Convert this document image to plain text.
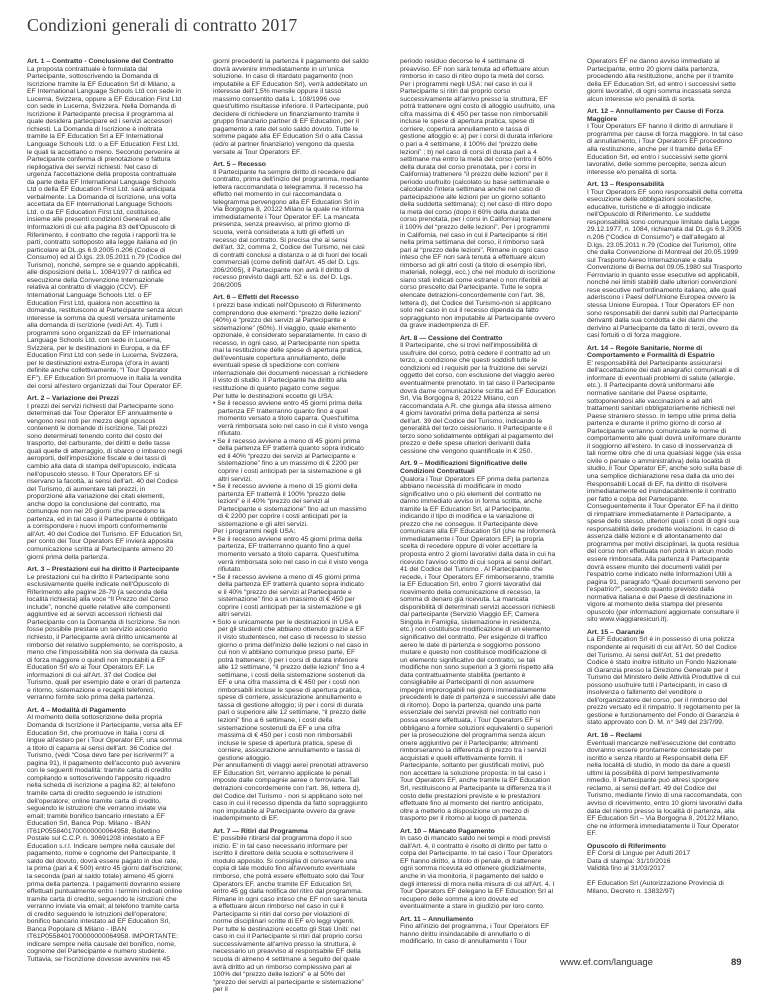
Condizioni generali di contratto 2017
Art. 1 – Contratto - Conclusione del Contratto

La proposta contrattuale è formulata dal Partecipante, sottoscrivendo la Domanda di Iscrizione tramite la EF Education Srl di Milano, a EF International Language Schools Ltd con sede in Lucerna, Svizzera, oppure a EF Education First Ltd con sede in Lucerna, Svizzera. Nella Domanda di Iscrizione il Partecipante precisa il programma al quale desidera partecipare ed i servizi accessori richiesti. La Domanda di Iscrizione è inoltrata tramite la EF Education Srl a EF International Language Schools Ltd. o a EF Education First Ltd, le quali la accettano o meno. Secondo pervenire al Partecipante conferma di prenotazione o fattura riepilogativa dei servizi richiesti. Nel caso di urgenza l'accettazione della proposta contrattuale da parte della EF International Language Schools Ltd o della EF Education First Ltd. sarà anticipata verbalmente. La Domanda di Iscrizione, una volta accettata da EF International Language Schools Ltd. o da EF Education First Ltd, costituisce, insieme alle presenti condizioni Generali ed alle Informazioni di cui alla pagina 83 dell'Opuscolo di Riferimento, il contratto che regola i rapporti tra le parti, contratto sottoposto alla legge italiana ed (in particolare al DL.gs 6.9.2005 n.206 (Codice di Consumo) ed al D.lgs. 23.05.2011 n.79 (Codice del Turismo), nonché, sempre se e quando applicabili, alle disposizioni della L. 1084/1977 di ratifica ed esecuzione della Convenzione Internazionale relativa al contratto di viaggio (CCV). EF International Language Schools Ltd. o EF Education First Ltd, qualora non accettino la domanda, restituiscono al Partecipante senza alcun interesse la somma da questi versata unitamente alla domanda di iscrizione (vedi Art. 4). Tutti i programmi sono organizzati da EF International Language Schools Ltd. con sede in Lucerna, Svizzera, per le destinazioni in Europa, e da EF Education First Ltd con sede in Lucerna, Svizzera, per le destinazioni extra-Europa (d'ora in avanti definite anche collettivamente, “I Tour Operator EF”). EF Education Srl promuove in Italia la vendita dei corsi all'estero organizzati dai Tour Operator EF.

Art. 2 – Variazione dei Prezzi

I prezzi dei servizi richiesti dal Partecipante sono determinati dai Tour Operator EF annualmente e vengono resi noti per mezzo degli opuscoli contenenti le domande di iscrizione. Tali prezzi sono determinati tenendo conto del costo del trasporto, del carburante, dei diritti e delle tasse quali quelle di atterraggio, di sbarco o imbarco negli aeroporti, dell'imposizione fiscale e dei tassi di cambio alla data di stampa dell'opuscolo, indicata nell'opuscolo stesso. Il Tour Operators EF si riservano la facoltà, ai sensi dell'art. 40 del Codice del Turismo, di aumentare tali prezzi, in proporzione alla variazione dei citati elementi, anche dopo la conclusione del contratto, ma comunque non nei 20 giorni che precedono la partenza, ed in tal caso il Partecipante è obbligato a corrispondere i nuovi importi conformemente all'Art. 40 del Codice del Turismo. EF Education Srl, per conto dei Tour Operators EF invierà apposita comunicazione scritta al Partecipante almeno 20 giorni prima della partenza.

Art. 3 – Prestazioni cui ha diritto il Partecipante

Le prestazioni cui ha diritto il Partecipante sono esclusivamente quelle indicate nell'Opuscolo di Riferimento alle pagine 28-79 (a seconda della località richiesta) alla voce “Il Prezzo del Corso include”, nonché quelle relative alle componenti aggiuntive ed ai servizi accessori richiesti dal Partecipante con la Domanda di Iscrizione. Se non fosse possibile prestare un servizio accessorio richiesto, il Partecipante avrà diritto unicamente al rimborso del relativo supplemento, se corrisposto, a meno che l'impossibilità non sia derivata da causa di forza maggiore o quindi non imputabili a EF Education Srl e/o ai Tour Operators EF. Le informazioni di cui all'Art. 37 del Codice del Turismo, quali per esempio date e orari di partenza e ritorno, sistemazione e recapiti telefonici, verranno fornite solo prima della partenza.

Art. 4 – Modalità di Pagamento

Al momento della sottoscrizione della propria Domanda di Iscrizione il Partecipante, versa alla EF Education Srl, che promuove in Italia i corsi di lingue all'estero per i Tour Operator EF, una somma a titolo di caparra ai sensi dell'art. 36 Codice del Turismo, (vedi “Cosa devo fare per iscrivermi?” a pagina 91), Il pagamento dell'acconto può avvenire con le seguenti modalità: tramite carta di credito compilando e sottoscrivendo l'apposito riquadro nella scheda di iscrizione a pagina 82; al telefono tramite carta di credito seguendo le istruzioni dell'operatore; online tramite carta di credito, seguendo le istruzioni che verranno inviate via email; tramite bonifico bancario intestato a EF Education Srl, Banca Pop. Milano - IBAN IT61P0558401700000000064958; Bollettino Postale sul C.C.P. n. 30691208 intestato a EF Education s.r.l. Indicare sempre nella causale del pagamento, nome e cognome del Partecipante. Il saldo del dovuto, dovrà essere pagato in due rate, la prima (pari a € 500) entro 45 giorni dall'iscrizione; la seconda (pari al saldo totale) almeno 45 giorni prima della partenza. I pagamenti dovranno essere effettuati puntualmente entro i termini indicati online tramite carta di credito, seguendo le istruzioni che verranno inviate via email; al telefono tramite carta di credito seguendo le istruzioni dell'operatore; bonifico bancario intestato ad EF Education Srl, Banca Popolare di Milano - IBAN IT61P0558401700000000064958. IMPORTANTE: indicare sempre nella causale del bonifico, nome, cognome del Partecipante e numero studente. Tuttavia, se l'iscrizione dovesse avvenire nei 45

giorni precedenti la partenza il pagamento del saldo dovrà avvenire immediatamente in un'unica soluzione. In caso di ritardato pagamento (non imputabile a EF Education Srl), verrà addebitato un interesse dell'1,5% mensile oppure il tasso massimo consentito dalla L. 108/1996 ove quest'ultimo risultasse inferiore. Il Partecipante, può decidere di richiedere un finanziamento tramite il gruppo finanziario partner di EF Education, per il pagamento a rate del solo saldo dovuto. Tutte le somme pagate alla EF Education Srl o alla Cassa (ed/o al partner finanziario) vengono da questa versate ai Tour Operators EF.

Art. 5 – Recesso

Il Partecipante ha sempre diritto di recedere dal contratto, prima dell'inizio del programma, mediante lettera raccomandata o telegramma. Il recesso ha effetto nel momento in cui raccomandata o telegramma pervengono alla EF Education Srl in Via Borgogna 8, 20122 Milano la quale ne informa immediatamente i Tour Operator EF. La mancata presenza, senza preavviso, al primo giorno di scuola, verrà considerata a tutti gli effetti un recesso dal contratto. Si precisa che ai sensi dell'art. 32, comma 2, Codice del Turismo, nei casi di contratti conclusi a distanza o al di fuori dei locali commerciali (come definiti dall'Art. 45 del D. Lgs. 206/2005), il Partecipante non avrà il diritto di recesso previsto dagli artt. 52 e ss. del D. Lgs. 206/2005

Art. 6 – Effetti del Recesso

I prezzi base indicati nell'Opuscolo di Riferimento comprendono due elementi: “prezzo delle lezioni” (40%) e “prezzo dei servizi al Partecipante e sistemazione” (60%). Il viaggio, quale elemento opzionale, è considerato separatamente. In caso di recesso, in ogni caso, al Partecipante non spetta mai la restituzione delle spese di apertura pratica, dell'eventuale copertura annullamento, delle eventuali spese di spedizione con corriere internazionale dei documenti necessari a richiedere il visto di studio. Il Partecipante ha diritto alla restituzione di quanto pagato come segue.

Per tutte le destinazioni eccetto gli USA:

• Se il recesso avviene entro 45 giorni prima della partenza EF tratterranno quanto fino a quel momento versato a titolo caparra. Quest'ultima verrà rimborsata solo nel caso in cui il visto venga rifiutato.

• Se il recesso avviene a meno di 45 giorni prima della partenza EF tratterrà quanto sopra indicato ed il 40% “prezzo dei servizi al Partecipante e sistemazione” fino a un massimo di € 2200 per coprire i costi anticipati per la sistemazione e gli altri servizi.

• Se il recesso avviene a meno di 15 giorni della partenza EF tratterrà il 100% “prezzo delle lezioni” e il 40% “prezzo dei servizi al Partecipante e sistemazione” fino ad un massimo di € 2200 per coprire i costi anticipati per la sistemazione e gli altri servizi.

Per i programmi negli USA:

• Se il recesso avviene entro 45 giorni prima della partenza, EF tratterranno quanto fino a quel momento versato a titolo caparra. Quest'ultima verrà rimborsata solo nel caso in cui il visto venga rifiutato.

• Se il recesso avviene a meno di 45 giorni prima della partenza EF tratterrà quanto sopra indicato e il 40% “prezzo dei servizi al Partecipante e sistemazione” fino a un massimo di € 450 per coprire i costi anticipati per la sistemazione e gli altri servizi.

• Solo e unicamente per le destinazioni in USA e per gli studenti che abbiano ottenuto grazie a EF il visto studentesco, nel caso di recesso lo stesso giorno o prima dell'inizio delle lezioni o nel caso in cui non vi abbiano comunque preso parte, EF potrà trattenere: i) per i corsi di durata inferiore alle 12 settimane, “il prezzo delle lezioni” fino a 4 settimane, i costi della sistemazione sostenuti da EF e una cifra massima di € 450 per i costi non rimborsabili incluse le spese di apertura pratica, spese di corriere, assicurazione annullamento e tassa di gestione alloggio; ii) per i corsi di durata pari o superiore alle 12 settimane, “il prezzo delle lezioni” fino a 6 settimane, i costi della sistemazione sostenuti da EF e una cifra massima di € 450 per i costi non rimborsabili incluse le spese di apertura pratica, spese di corriere, assicurazione annullamento e tassa di gestione alloggio.

Per annullamenti di viaggi aerei prenotati attraverso EF Education Srl, verranno applicate le penali imposte dalle compagnie aeree o ferroviarie. Tali detrazioni concordemente con l'art. 36, lettera d), del Codice del Turismo - non si applicano solo nel caso in cui il recesso dipenda da fatto sopraggiunto non imputabile al Partecipante ovvero da grave inadempimento di EF.

Art. 7 — Ritiri dal Programma

E' possibile ritirarsi dal programma dopo il suo inizio. E' in tal caso necessario informare per iscritto il direttore della scuola e sottoscrivere il modulo apposito. Si consiglia di conservare una copia di tale modulo fino all'avvenuto eventuale rimborso, che potrà essere effettuato solo dai Tour Operators EF, anche tramite EF Education Srl, entro 45 gg dalla notifica del ritiro dal programma. Rimane in ogni caso inteso che EF non sarà tenuta a effettuare alcun rimborso nel caso in cui il Partecipante si ritiri dal corso per violazioni di norme disciplinari scritte di EF e/o leggi vigenti.

Per tutte le destinazioni eccetto gli Stati Uniti: nel caso in cui il Partecipante si ritiri dal proprio corso successivamente all'arrivo presso la struttura, è necessario un preavviso al responsabile EF della scuola di almeno 4 settimane a seguito del quale avrà diritto ad un rimborso complessivo pari al 100% del “prezzo delle lezioni” e al 50% del “prezzo dei servizi al partecipante e sistemazione” per il

periodo residuo decorse le 4 settimane di preavviso. EF non sarà tenuta ad effettuare alcun rimborso in caso di ritiro dopo la metà del corso.

Per i programmi negli USA: nel caso in cui il Partecipante si ritiri dal proprio corso successivamente all'arrivo presso la struttura, EF potrà trattenere ogni costo di alloggio usufruito, una cifra massima di € 450 per tasse non rimborsabili incluse le spese di apertura pratica, spese di corriere, copertura annullamento e tassa di gestione alloggio e: a) per i corsi di durata inferiore o pari a 4 settimane, il 100% del “prezzo delle lezioni” ; b) nel caso di corsi di durata pari a 4 settimane ma entro la metà del corso (entro il 60% della durata del corso prenotata, per i corsi in California) trattenere “il prezzo delle lezioni” per il periodo usufruito (calcolato su base settimanale e calcolando l'intera settimana anche nel caso di partecipazione alle lezioni per un giorno soltanto della suddetta settimana); c) nel caso di ritiro dopo la metà del corso (dopo il 60% della durata del corso prenotata, per i corsi in California) trattenere il 100% del “prezzo delle lezioni”. Per i programmi in California, nel caso in cui il Partecipante si ritiri nella prima settimana del corso, il rimborso sarà pari al “prezzo delle lezioni”. Rimane in ogni caso inteso che EF non sarà tenuta a effettuare alcun rimborso ad gli altri costi (a titolo di esempio libri, materiali, noleggi, ecc.) che nel modulo di iscrizione siano stati indicati come estranei o non riferibili al corso prescelto dal Partecipante. Tutte le sopra elencate detrazioni-concordemente con l'art. 36, lettera d), del Codice del Turismo-non si applicano solo nel caso in cui il recesso dipenda da fatto sopraggiunto non imputabile al Partecipante ovvero da grave inadempienza di EF.

Art. 8 — Cessione del Contratto

Il Partecipante, che si trovi nell'impossibilità di usufruire del corso, potrà cedere il contratto ad un terzo, a condizione che questi soddisfi tutte le condizioni ed i requisiti per la fruizione dei servizi oggetto del corso, con esclusione del viaggio aereo eventualmente prenotato. In tal caso il Partecipante dovrà darne comunicazione scritta ad EF Education Srl, Via Borgogna 8, 20122 Milano, con raccomandata A.R. che giunga alla stessa almeno 4 giorni lavorativi prima della partenza ai sensi dell'art. 39 del Codice del Turismo, indicando le generalità del terzo cessionario. Il Partecipante e il terzo sono solidalmente obbligati al pagamento del prezzo e delle spese ulteriori derivanti dalla cessione che vengono quantificate in € 250.

Art. 9 – Modificazioni Significative delle Condizioni Contrattuali

Qualora i Tour Operators EF prima della partenza abbiano necessità di modificare in modo significativo uno o più elementi del contratto ne danno immediato avviso in forma scritta, anche tramite la EF Education Srl, al Partecipante, indicando il tipo di modifica e la variazione di prezzo che ne consegue. Il Partecipante deve comunicare alla EF Education Srl (che ne informerà immediatamente i Tour Operators EF) la propria scelta di recedere oppure di voler accettare la proposta entro 2 giorni lavorativi dalla data in cui ha ricevuto l'avviso scritto di cui sopra ai sensi dell'art. 41 del Codice del Turismo . Al Partecipante che recede, i Tour Operators EF rimborseranno, tramite la EF Education Srl, entro 7 giorni lavorativi dal ricevimento della comunicazione di recesso, la somma di denaro già ricevuta. La mancata disponibilità di determinati servizi accessori richiesti dal partecipante (Servizio Viaggio EF, Camera Singola in Famiglia, sistemazione in residenza, etc.) non costituisce modificazione di un elemento significativo del contratto. Per esigenze di traffico aereo le date di partenza e soggiorno possono mutare e questo non costituisce modificazione di un elemento significativo del contratto, se tali modifiche non sono superiori a 3 giorni rispetto alla data contrattualmente stabilita (pertanto è consigliabile ai Partecipanti di non assumere impegni improrogabili nei giorni immediatamente precedenti le date di partenza e successivi alle date di ritorno). Dopo la partenza, quando una parte essenziale dei servizi previsti nel contratto non possa essere effettuata, i Tour Operators EF si obbligano a fornire soluzioni equivalenti o superiori per la prosecuzione del programma senza alcun onere aggiuntivo per il Partecipante; altrimenti rimborseranno la differenza di prezzo tra i servizi acquistati e quelli effettivamente forniti. Il Partecipante, soltanto per giustificati motivi, può non accettare la soluzione proposta: in tal caso i Tour Operators EF, anche tramite la EF Education Srl, restituiscono al Partecipante la differenza tra il costo delle prestazioni previste e le prestazioni effettuate fino al momento del rientro anticipato, oltre a metterlo a disposizione un mezzo di trasporto per il ritorno al luogo di partenza.

Art. 10 – Mancato Pagamento

In caso di mancato saldo nei tempi e modi previsti dall'Art. 4, il contratto è risolto di diritto per fatto o colpa del Partecipante. In tal caso i Tour Operators EF hanno diritto, a titolo di penale, di trattenere ogni somma ricevuta ed ottenere giudizialmente, anche in via monitoria, il pagamento del saldo e degli interessi di mora nella misura di cui all'Art. 4. I Tour Operators EF delegano la EF Education Srl al recupero delle somme a loro dovute ed eventualmente a stare in giudizio per loro conto.

Art. 11 – Annullamento

Fino all'inizio del programma, i Tour Operators EF hanno diritto insindacabile di annullarlo o di modificarlo. In caso di annullamento i Tour

Operators EF ne danno avviso immediato al Partecipante, entro 20 giorni dalla partenza, procedendo alla restituzione, anche per il tramite della EF Education Srl, ed entro i successivi sette giorni lavorativi, di ogni somma incassata senza alcun interesse e/o penalità di sorta.

Art. 12 – Annullamento per Cause di Forza Maggiore

I Tour Operators EF hanno il diritto di annullare il programma per cause di forza maggiore. In tal caso di annullamento, i Tour Operators EF procedono alla restituzione, anche per il tramite della EF Education Srl, ed entro i successivi sette giorni lavorativi, delle somme percepite, senza alcun interesse e/o penalità di sorta.

Art. 13 – Responsabilità

I Tour Operators EF sono responsabili della corretta esecuzione delle obbligazioni scolastiche, educative, turistiche e di alloggio indicate nell'Opuscolo di Riferimento. Le suddette responsabilità sono comunque limitate dalla Legge 29.12.1977, n. 1084, richiamata dal DL.gs 6.9.2005 n.206 (“Codice di Consumo”) e dall'allegato al D.lgs. 23.05.2011 n.79 (Codice del Turismo), oltre che dalla Convenzione di Montreal del 20.05.1999 sul Trasporto Aereo Internazionale e dalla Convenzione di Berna del 09.05.1980 sul Trasporto Ferroviario in quanto esse esecutive ed applicabili, nonché nei limiti stabiliti dalle ulteriori convenzioni rese esecutive nell'ordinamento italiano, alle quali aderiscono i Paesi dell'Unione Europea ovvero la stessa Unione Europea. I Tour Operators EF non sono responsabili dei danni subiti dal Partecipante derivanti dalla sua condotta e dei danni che derivino al Partecipante da fatto di terzi, ovvero da casi fortuiti o di forza maggiore.

Art. 14 – Regole Sanitarie, Norme di Comportamento e Formalità di Espatrio

E' responsabilità del Partecipante assicurarsi dell'accettazione dei dati anagrafici comunicati e di informare di eventuali problemi di salute (allergie, etc.). Il Partecipante dovrà uniformarsi alle normative sanitarie del Paese ospitante, sottoponendosi alle vaccinazioni e ad altri trattamenti sanitari obbligatoriamente richiesti nel Paese straniero stesso. In tempo utile prima della partenza e durante il primo giorno di corso al Partecipante verranno comunicate le norme di comportamento alle quali dovrà uniformare durante il soggiorno all'estero. In caso di inosservanza di tali norme oltre che di una qualsiasi legge (sia essa civile o penale o amministrativa) della località di studio, il Tour Operator EF, anche solo sulla base di una semplice dichiarazione resa dalla da uno dei Responsabili Locali di EF, ha diritto di risolvere immediatamente ed insindacabilmente il contratto per fatto e colpa del Partecipante. Conseguentemente il Tour Operator EF ha il diritto di rimpatriare immediatamente il Partecipante, a spese dello stesso, ulteriori quali i costi di ogni sua responsabilità delle predette violazioni. In caso di assenza dalle lezioni e di allontanamento dal programma per motivi disciplinari, la quota residua del corso non effettuata non potrà in alcun modo essere rimborsata. Alla partenza il Partecipante dovrà essere munito dei documenti validi per l'espatrio come indicato nelle Informazioni Utili a pagina 91, paragrafo “Quali documenti servono per l'espatrio?”, secondo quanto previsto dalla normativa italiana e del Paese di destinazione in vigore al momento della stampa del presente opuscolo (per informazioni aggiornate consultare il sito www.viaggiaresicuri.it).

Art. 15 – Garanzie

La EF Education Srl è in possesso di una polizza rispondente ai requisiti di cui all'Art. 50 del Codice del Turismo. Ai sensi dell'Art. 51 del predetto Codice è stato inoltre istituito un Fondo Nazionale di Garanzia presso la Direzione Generale per il Turismo del Ministero delle Attività Produttive di cui possono usufruire tutti i Partecipanti, in caso di insolvenza o fallimento del venditore o dell'organizzatore del corso, per il rimborso del prezzo versato ed il rimpatrio. Il regolamento per la gestione e funzionamento del Fondo di Garanzia è stato approvato con D. M. n° 349 del 23/7/99.

Art. 16 – Reclami

Eventuali mancanze nell'esecuzione del contratto dovranno essere prontamente contestate per iscritto e senza ritardo al Responsabili della EF nella località di studio, in modo da dare a questi ultimi la possibilità di porvi tempestivamente rimedio. Il Partecipante può altresì sporgere reclamo, ai sensi dell'art. 49 del Codice del Turismo, mediante l'invio di una raccomandata, con avviso di ricevimento, entro 10 giorni lavorativi dalla data del rientro presso la località di partenza, alla EF Education Srl – Via Borgogna 8, 20122 Milano, che ne informerà immediatamente il Tour Operator EF.

Opuscolo di Riferimento

EF Corsi di Lingue per Adulti 2017

Data di stampa: 31/10/2016

Validità fino al 31/03/2017

EF Education Srl (Autorizzazione Provincia di Milano, Decreto n. 13832/97)

www.ef.com/language	89
